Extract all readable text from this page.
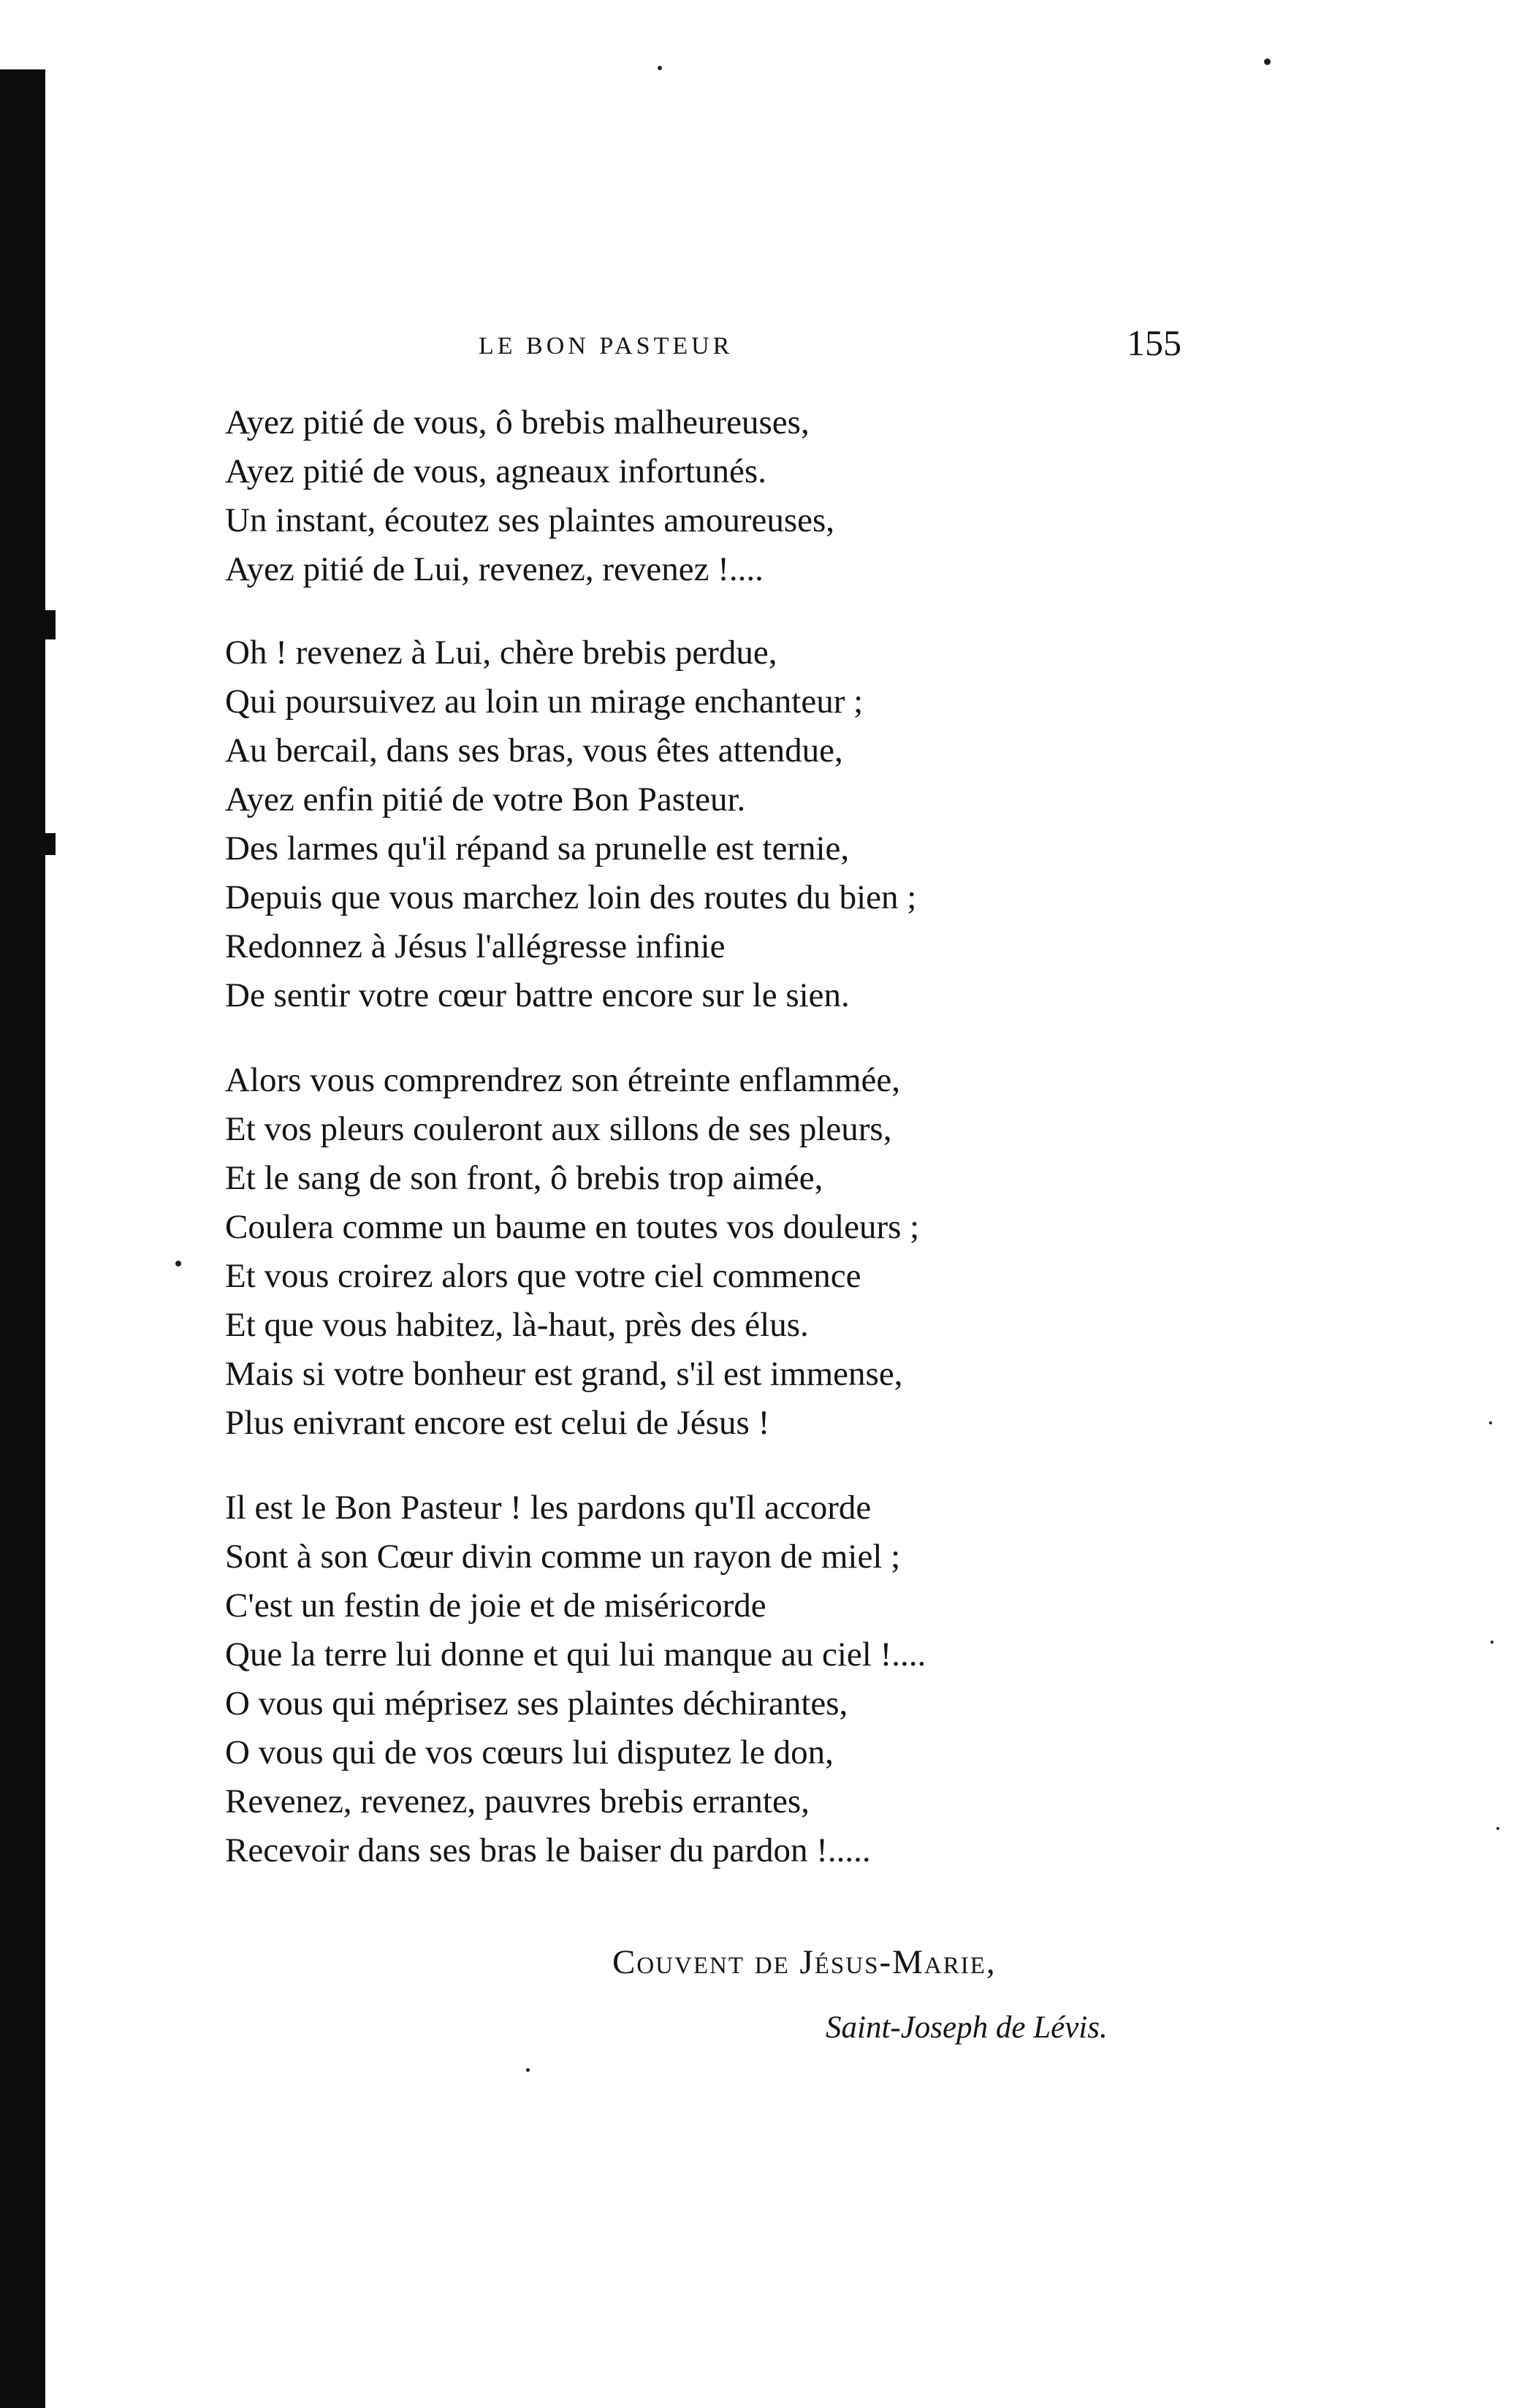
LE BON PASTEUR	155
Ayez pitié de vous, ô brebis malheureuses,
Ayez pitié de vous, agneaux infortunés.
Un instant, écoutez ses plaintes amoureuses,
Ayez pitié de Lui, revenez, revenez !....
Oh ! revenez à Lui, chère brebis perdue,
Qui poursuivez au loin un mirage enchanteur ;
Au bercail, dans ses bras, vous êtes attendue,
Ayez enfin pitié de votre Bon Pasteur.
Des larmes qu'il répand sa prunelle est ternie,
Depuis que vous marchez loin des routes du bien ;
Redonnez à Jésus l'allégresse infinie
De sentir votre cœur battre encore sur le sien.
Alors vous comprendrez son étreinte enflammée,
Et vos pleurs couleront aux sillons de ses pleurs,
Et le sang de son front, ô brebis trop aimée,
Coulera comme un baume en toutes vos douleurs ;
Et vous croirez alors que votre ciel commence
Et que vous habitez, là-haut, près des élus.
Mais si votre bonheur est grand, s'il est immense,
Plus enivrant encore est celui de Jésus !
Il est le Bon Pasteur ! les pardons qu'Il accorde
Sont à son Cœur divin comme un rayon de miel ;
C'est un festin de joie et de miséricorde
Que la terre lui donne et qui lui manque au ciel !....
O vous qui méprisez ses plaintes déchirantes,
O vous qui de vos cœurs lui disputez le don,
Revenez, revenez, pauvres brebis errantes,
Recevoir dans ses bras le baiser du pardon !.....
Couvent de Jésus-Marie,
Saint-Joseph de Lévis.
